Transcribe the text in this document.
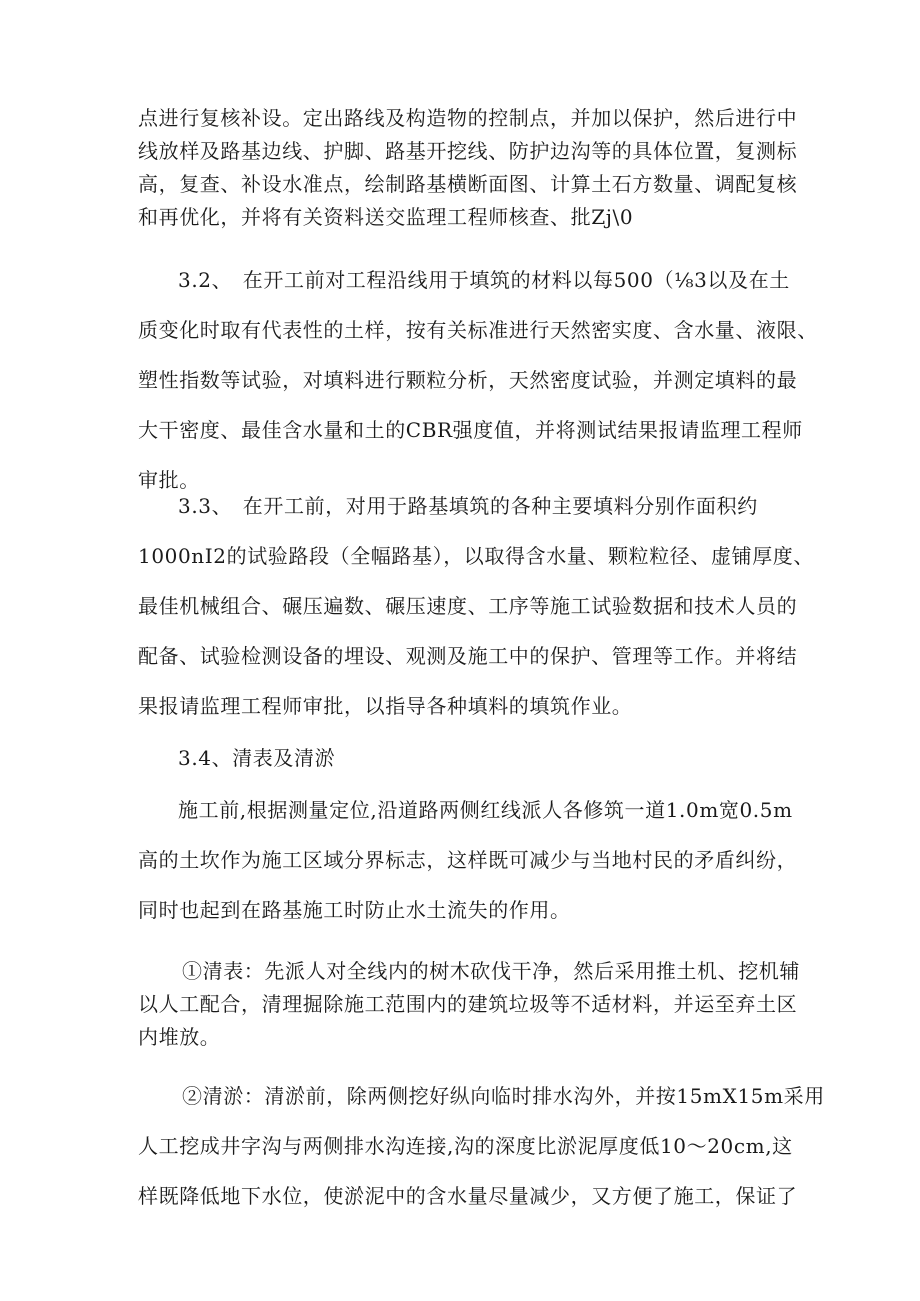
点进行复核补设。定出路线及构造物的控制点，并加以保护，然后进行中
线放样及路基边线、护脚、路基开挖线、防护边沟等的具体位置，复测标
高，复查、补设水准点，绘制路基横断面图、计算土石方数量、调配复核
和再优化，并将有关资料送交监理工程师核查、批Zj\0
3.2、　在开工前对工程沿线用于填筑的材料以每500（⅛3以及在土
质变化时取有代表性的土样，按有关标准进行天然密实度、含水量、液限、
塑性指数等试验，对填料进行颗粒分析，天然密度试验，并测定填料的最
大干密度、最佳含水量和土的CBR强度值，并将测试结果报请监理工程师
审批。
3.3、　在开工前，对用于路基填筑的各种主要填料分别作面积约
1000nI2的试验路段（全幅路基），以取得含水量、颗粒粒径、虚铺厚度、
最佳机械组合、碾压遍数、碾压速度、工序等施工试验数据和技术人员的
配备、试验检测设备的埋设、观测及施工中的保护、管理等工作。并将结
果报请监理工程师审批，以指导各种填料的填筑作业。
3.4、清表及清淤
施工前,根据测量定位,沿道路两侧红线派人各修筑一道1.0m宽0.5m
高的土坎作为施工区域分界标志，这样既可减少与当地村民的矛盾纠纷，
同时也起到在路基施工时防止水土流失的作用。
①清表：先派人对全线内的树木砍伐干净，然后采用推土机、挖机辅
以人工配合，清理掘除施工范围内的建筑垃圾等不适材料，并运至弃土区
内堆放。
②清淤：清淤前，除两侧挖好纵向临时排水沟外，并按15mX15m采用
人工挖成井字沟与两侧排水沟连接,沟的深度比淤泥厚度低10～20cm,这
样既降低地下水位，使淤泥中的含水量尽量减少，又方便了施工，保证了
